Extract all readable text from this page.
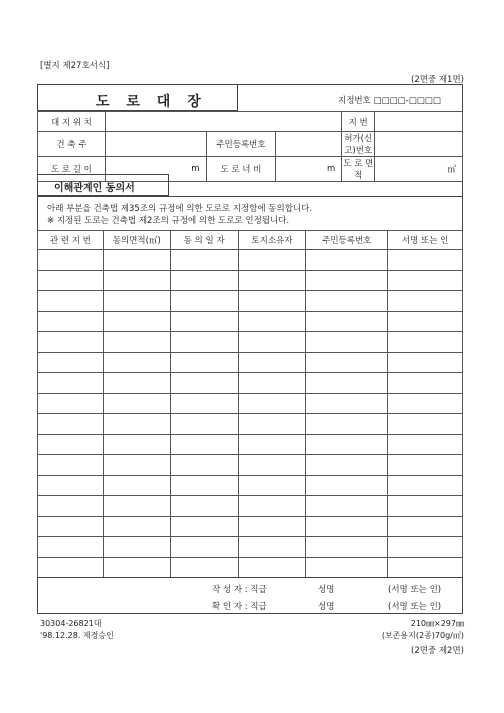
[별지 제27호서식]
(2면중 제1면)
도 로 대 장	지정번호 □□□□-□□□□
대 지 위 치				지 번	
건 축 주		주민등록번호		허가(신고)번호	
도 로 길 이	m	도 로 너 비	m	도 로 면 적	㎡
이해관계인 동의서
아래 부분을 건축법 제35조의 규정에 의한 도로로 지정함에 동의합니다.
※ 지정된 도로는 건축법 제2조의 규정에 의한 도로로 인정됩니다.
관 련 지 번	동의면적(㎡)	동 의 일 자	토지소유자	주민등록번호	서명 또는 인

작 성 자 : 직급	성명	(서명 또는 인)
확 인 자 : 직급	성명	(서명 또는 인)
30304-26821대
'98.12.28. 제경승인
210㎜×297㎜
(보존용지(2종)70g/㎡)
(2면중 제2면)
